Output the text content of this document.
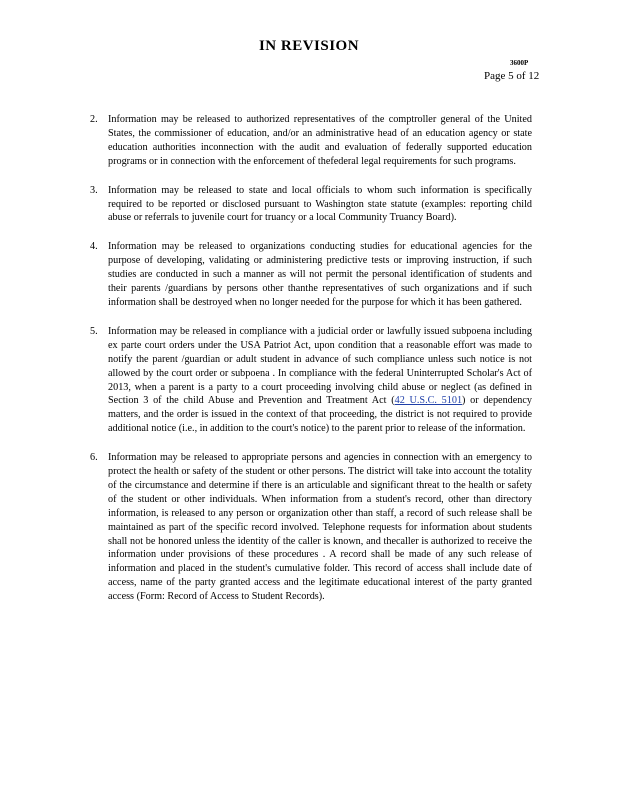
IN REVISION
3600P
Page 5 of 12
2. Information may be released to authorized representatives of the comptroller general of the United States, the commissioner of education, and/or an administrative head of an education agency or state education authorities inconnection with the audit and evaluation of federally supported education programs or in connection with the enforcement of thefederal legal requirements for such programs.
3. Information may be released to state and local officials to whom such information is specifically required to be reported or disclosed pursuant to Washington state statute (examples: reporting child abuse or referrals to juvenile court for truancy or a local Community Truancy Board).
4. Information may be released to organizations conducting studies for educational agencies for the purpose of developing, validating or administering predictive tests or improving instruction, if such studies are conducted in such a manner as will not permit the personal identification of students and their parents /guardians by persons other thanthe representatives of such organizations and if such information shall be destroyed when no longer needed for the purpose for which it has been gathered.
5. Information may be released in compliance with a judicial order or lawfully issued subpoena including ex parte court orders under the USA Patriot Act, upon condition that a reasonable effort was made to notify the parent /guardian or adult student in advance of such compliance unless such notice is not allowed by the court order or subpoena . In compliance with the federal Uninterrupted Scholar's Act of 2013, when a parent is a party to a court proceeding involving child abuse or neglect (as defined in Section 3 of the child Abuse and Prevention and Treatment Act (42 U.S.C. 5101) or dependency matters, and the order is issued in the context of that proceeding, the district is not required to provide additional notice (i.e., in addition to the court's notice) to the parent prior to release of the information.
6. Information may be released to appropriate persons and agencies in connection with an emergency to protect the health or safety of the student or other persons. The district will take into account the totality of the circumstance and determine if there is an articulable and significant threat to the health or safety of the student or other individuals. When information from a student's record, other than directory information, is released to any person or organization other than staff, a record of such release shall be maintained as part of the specific record involved. Telephone requests for information about students shall not be honored unless the identity of the caller is known, and thecaller is authorized to receive the information under provisions of these procedures . A record shall be made of any such release of information and placed in the student's cumulative folder. This record of access shall include date of access, name of the party granted access and the legitimate educational interest of the party granted access (Form: Record of Access to Student Records).
